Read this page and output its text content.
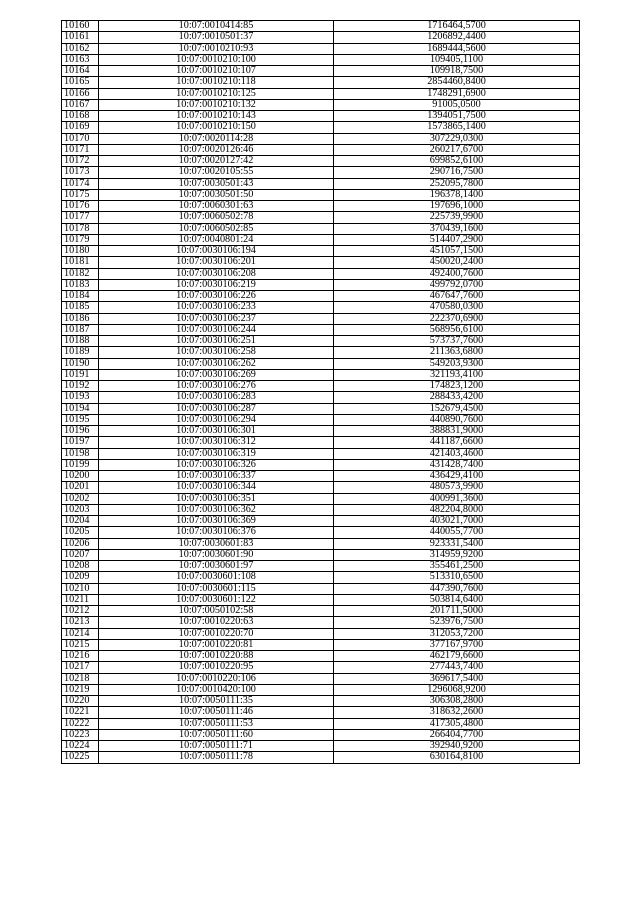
10160	10:07:0010414:85	1716464,5700
10161	10:07:0010501:37	1206892,4400
10162	10:07:0010210:93	1689444,5600
10163	10:07:0010210:100	109405,1100
10164	10:07:0010210:107	109918,7500
10165	10:07:0010210:118	2854460,8400
10166	10:07:0010210:125	1748291,6900
10167	10:07:0010210:132	91005,0500
10168	10:07:0010210:143	1394051,7500
10169	10:07:0010210:150	1573865,1400
10170	10:07:0020114:28	307229,0300
10171	10:07:0020126:46	260217,6700
10172	10:07:0020127:42	699852,6100
10173	10:07:0020105:55	290716,7500
10174	10:07:0030501:43	252095,7800
10175	10:07:0030501:50	196378,1400
10176	10:07:0060301:63	197696,1000
10177	10:07:0060502:78	225739,9900
10178	10:07:0060502:85	370439,1600
10179	10:07:0040801:24	514407,2900
10180	10:07:0030106:194	451057,1500
10181	10:07:0030106:201	450020,2400
10182	10:07:0030106:208	492400,7600
10183	10:07:0030106:219	499792,0700
10184	10:07:0030106:226	467647,7600
10185	10:07:0030106:233	470580,0300
10186	10:07:0030106:237	222370,6900
10187	10:07:0030106:244	568956,6100
10188	10:07:0030106:251	573737,7600
10189	10:07:0030106:258	211363,6800
10190	10:07:0030106:262	549203,9300
10191	10:07:0030106:269	321193,4100
10192	10:07:0030106:276	174823,1200
10193	10:07:0030106:283	288433,4200
10194	10:07:0030106:287	152679,4500
10195	10:07:0030106:294	440890,7600
10196	10:07:0030106:301	388831,9000
10197	10:07:0030106:312	441187,6600
10198	10:07:0030106:319	421403,4600
10199	10:07:0030106:326	431428,7400
10200	10:07:0030106:337	436429,4100
10201	10:07:0030106:344	480573,9900
10202	10:07:0030106:351	400991,3600
10203	10:07:0030106:362	482204,8000
10204	10:07:0030106:369	403021,7000
10205	10:07:0030106:376	440055,7700
10206	10:07:0030601:83	923331,5400
10207	10:07:0030601:90	314959,9200
10208	10:07:0030601:97	355461,2500
10209	10:07:0030601:108	513310,6500
10210	10:07:0030601:115	447390,7600
10211	10:07:0030601:122	503814,6400
10212	10:07:0050102:58	201711,5000
10213	10:07:0010220:63	523976,7500
10214	10:07:0010220:70	312053,7200
10215	10:07:0010220:81	377167,9700
10216	10:07:0010220:88	462179,6600
10217	10:07:0010220:95	277443,7400
10218	10:07:0010220:106	369617,5400
10219	10:07:0010420:100	1296068,9200
10220	10:07:0050111:35	306308,2800
10221	10:07:0050111:46	318632,2600
10222	10:07:0050111:53	417305,4800
10223	10:07:0050111:60	266404,7700
10224	10:07:0050111:71	392940,9200
10225	10:07:0050111:78	630164,8100
